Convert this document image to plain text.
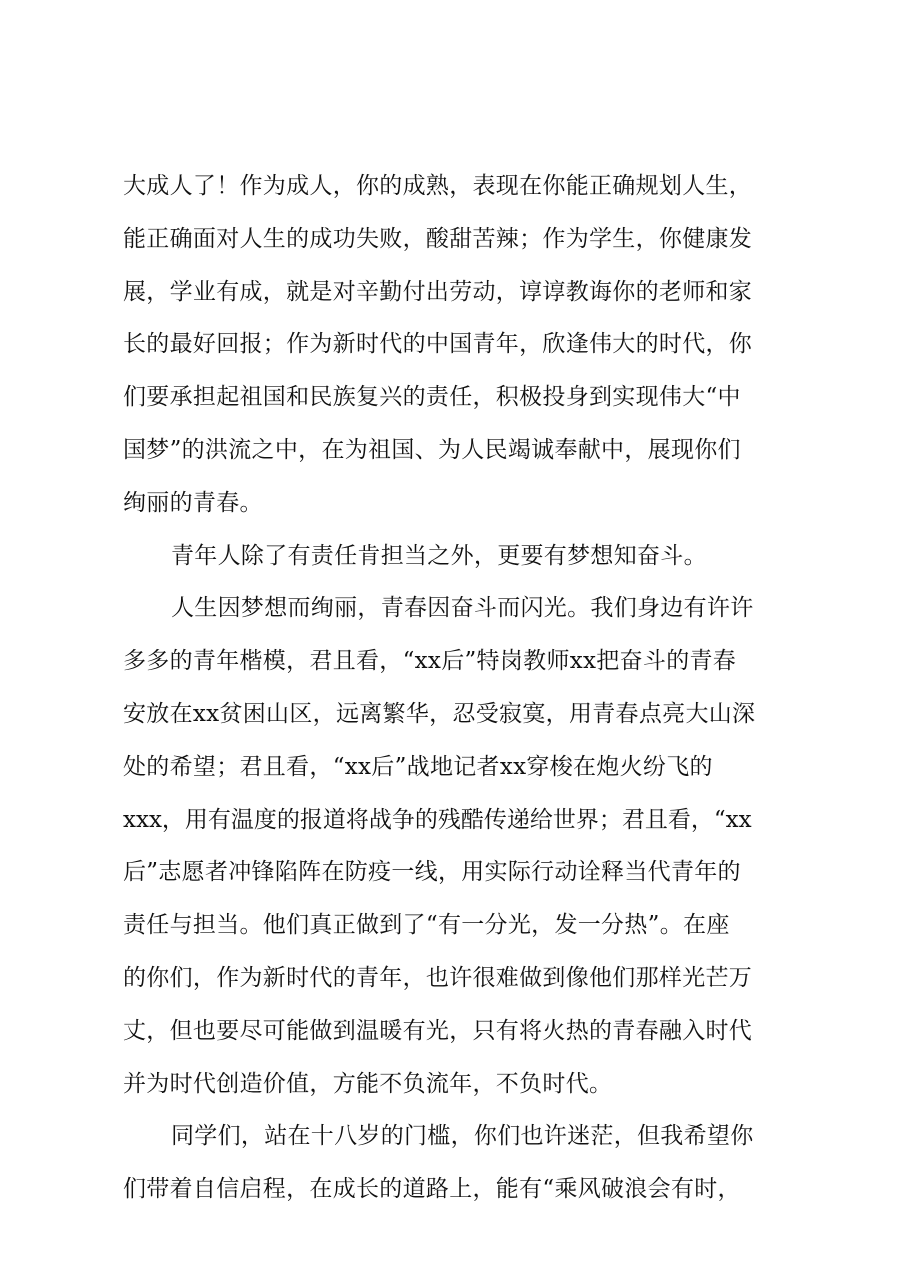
大成人了！作为成人，你的成熟，表现在你能正确规划人生，
能正确面对人生的成功失败，酸甜苦辣；作为学生，你健康发
展，学业有成，就是对辛勤付出劳动，谆谆教诲你的老师和家
长的最好回报；作为新时代的中国青年，欣逢伟大的时代，你
们要承担起祖国和民族复兴的责任，积极投身到实现伟大“中
国梦”的洪流之中，在为祖国、为人民竭诚奉献中，展现你们
绚丽的青春。
青年人除了有责任肯担当之外，更要有梦想知奋斗。
人生因梦想而绚丽，青春因奋斗而闪光。我们身边有许许
多多的青年楷模，君且看，“xx后”特岗教师xx把奋斗的青春
安放在xx贫困山区，远离繁华，忍受寂寞，用青春点亮大山深
处的希望；君且看，“xx后”战地记者xx穿梭在炮火纷飞的
xxx，用有温度的报道将战争的残酷传递给世界；君且看，“xx
后”志愿者冲锋陷阵在防疫一线，用实际行动诠释当代青年的
责任与担当。他们真正做到了“有一分光，发一分热”。在座
的你们，作为新时代的青年，也许很难做到像他们那样光芒万
丈，但也要尽可能做到温暖有光，只有将火热的青春融入时代
并为时代创造价值，方能不负流年，不负时代。
同学们，站在十八岁的门槛，你们也许迷茫，但我希望你
们带着自信启程，在成长的道路上，能有“乘风破浪会有时，
